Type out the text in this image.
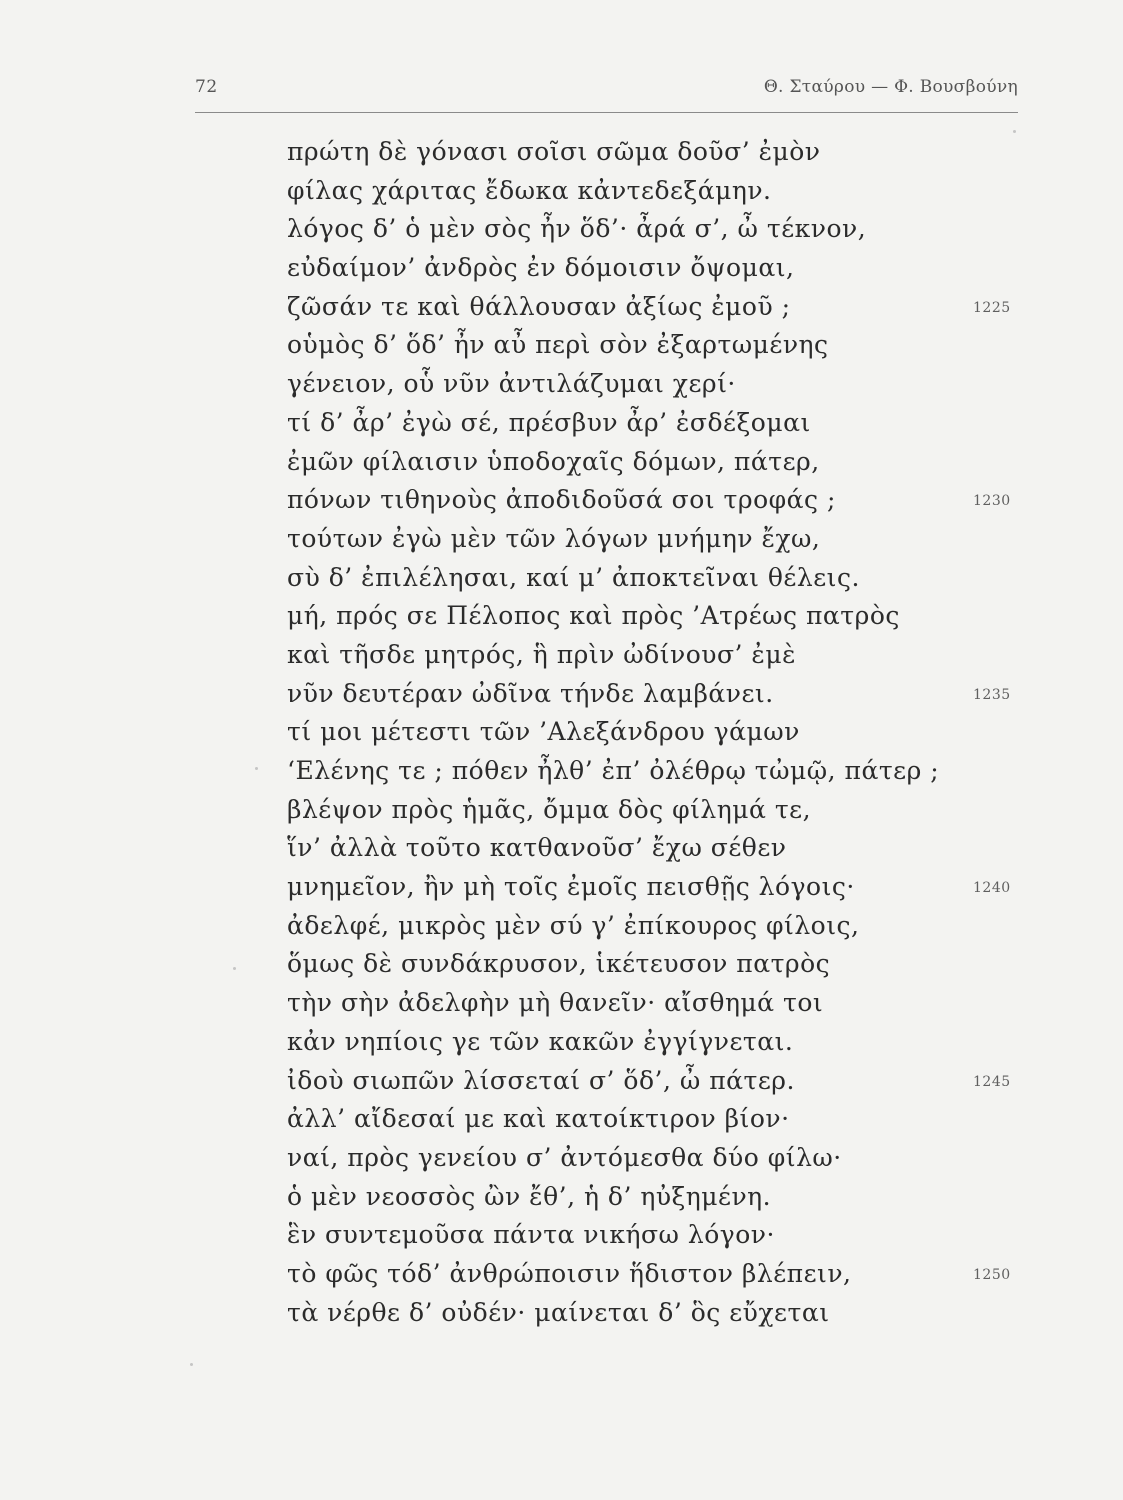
72	Θ. Σταύρου — Φ. Βουσβούνη
πρώτη δὲ γόνασι σοῖσι σῶμα δοῦσ’ ἐμὸν
φίλας χάριτας ἔδωκα κἀντεδεξάμην.
λόγος δ’ ὁ μὲν σὸς ἦν ὅδ’· ἆρά σ’, ὦ τέκνον,
εὐδαίμον’ ἀνδρὸς ἐν δόμοισιν ὄψομαι,
ζῶσάν τε καὶ θάλλουσαν ἀξίως ἐμοῦ ;	1225
οὑμὸς δ’ ὅδ’ ἦν αὖ περὶ σὸν ἐξαρτωμένης
γένειον, οὗ νῦν ἀντιλάζυμαι χερί·
τί δ’ ἆρ’ ἐγὼ σέ, πρέσβυν ἆρ’ ἐσδέξομαι
ἐμῶν φίλαισιν ὑποδοχαῖς δόμων, πάτερ,
πόνων τιθηνοὺς ἀποδιδοῦσά σοι τροφάς ;	1230
τούτων ἐγὼ μὲν τῶν λόγων μνήμην ἔχω,
σὺ δ’ ἐπιλέλησαι, καί μ’ ἀποκτεῖναι θέλεις.
μή, πρός σε Πέλοπος καὶ πρὸς ’Ατρέως πατρὸς
καὶ τῆσδε μητρός, ἣ πρὶν ὠδίνουσ’ ἐμὲ
νῦν δευτέραν ὠδῖνα τήνδε λαμβάνει.	1235
τί μοι μέτεστι τῶν ’Αλεξάνδρου γάμων
‘Ελένης τε ; πόθεν ἦλθ’ ἐπ’ ὀλέθρῳ τὠμῷ, πάτερ ;
βλέψον πρὸς ἡμᾶς, ὄμμα δὸς φίλημά τε,
ἵν’ ἀλλὰ τοῦτο κατθανοῦσ’ ἔχω σέθεν
μνημεῖον, ἢν μὴ τοῖς ἐμοῖς πεισθῇς λόγοις·	1240
ἀδελφέ, μικρὸς μὲν σύ γ’ ἐπίκουρος φίλοις,
ὅμως δὲ συνδάκρυσον, ἱκέτευσον πατρὸς
τὴν σὴν ἀδελφὴν μὴ θανεῖν· αἴσθημά τοι
κἀν νηπίοις γε τῶν κακῶν ἐγγίγνεται.
ἰδοὺ σιωπῶν λίσσεταί σ’ ὅδ’, ὦ πάτερ.	1245
ἀλλ’ αἴδεσαί με καὶ κατοίκτιρον βίον·
ναί, πρὸς γενείου σ’ ἀντόμεσθα δύο φίλω·
ὁ μὲν νεοσσὸς ὢν ἔθ’, ἡ δ’ ηὐξημένη.
ἓν συντεμοῦσα πάντα νικήσω λόγον·
τὸ φῶς τόδ’ ἀνθρώποισιν ἥδιστον βλέπειν,	1250
τὰ νέρθε δ’ οὐδέν· μαίνεται δ’ ὃς εὔχεται
